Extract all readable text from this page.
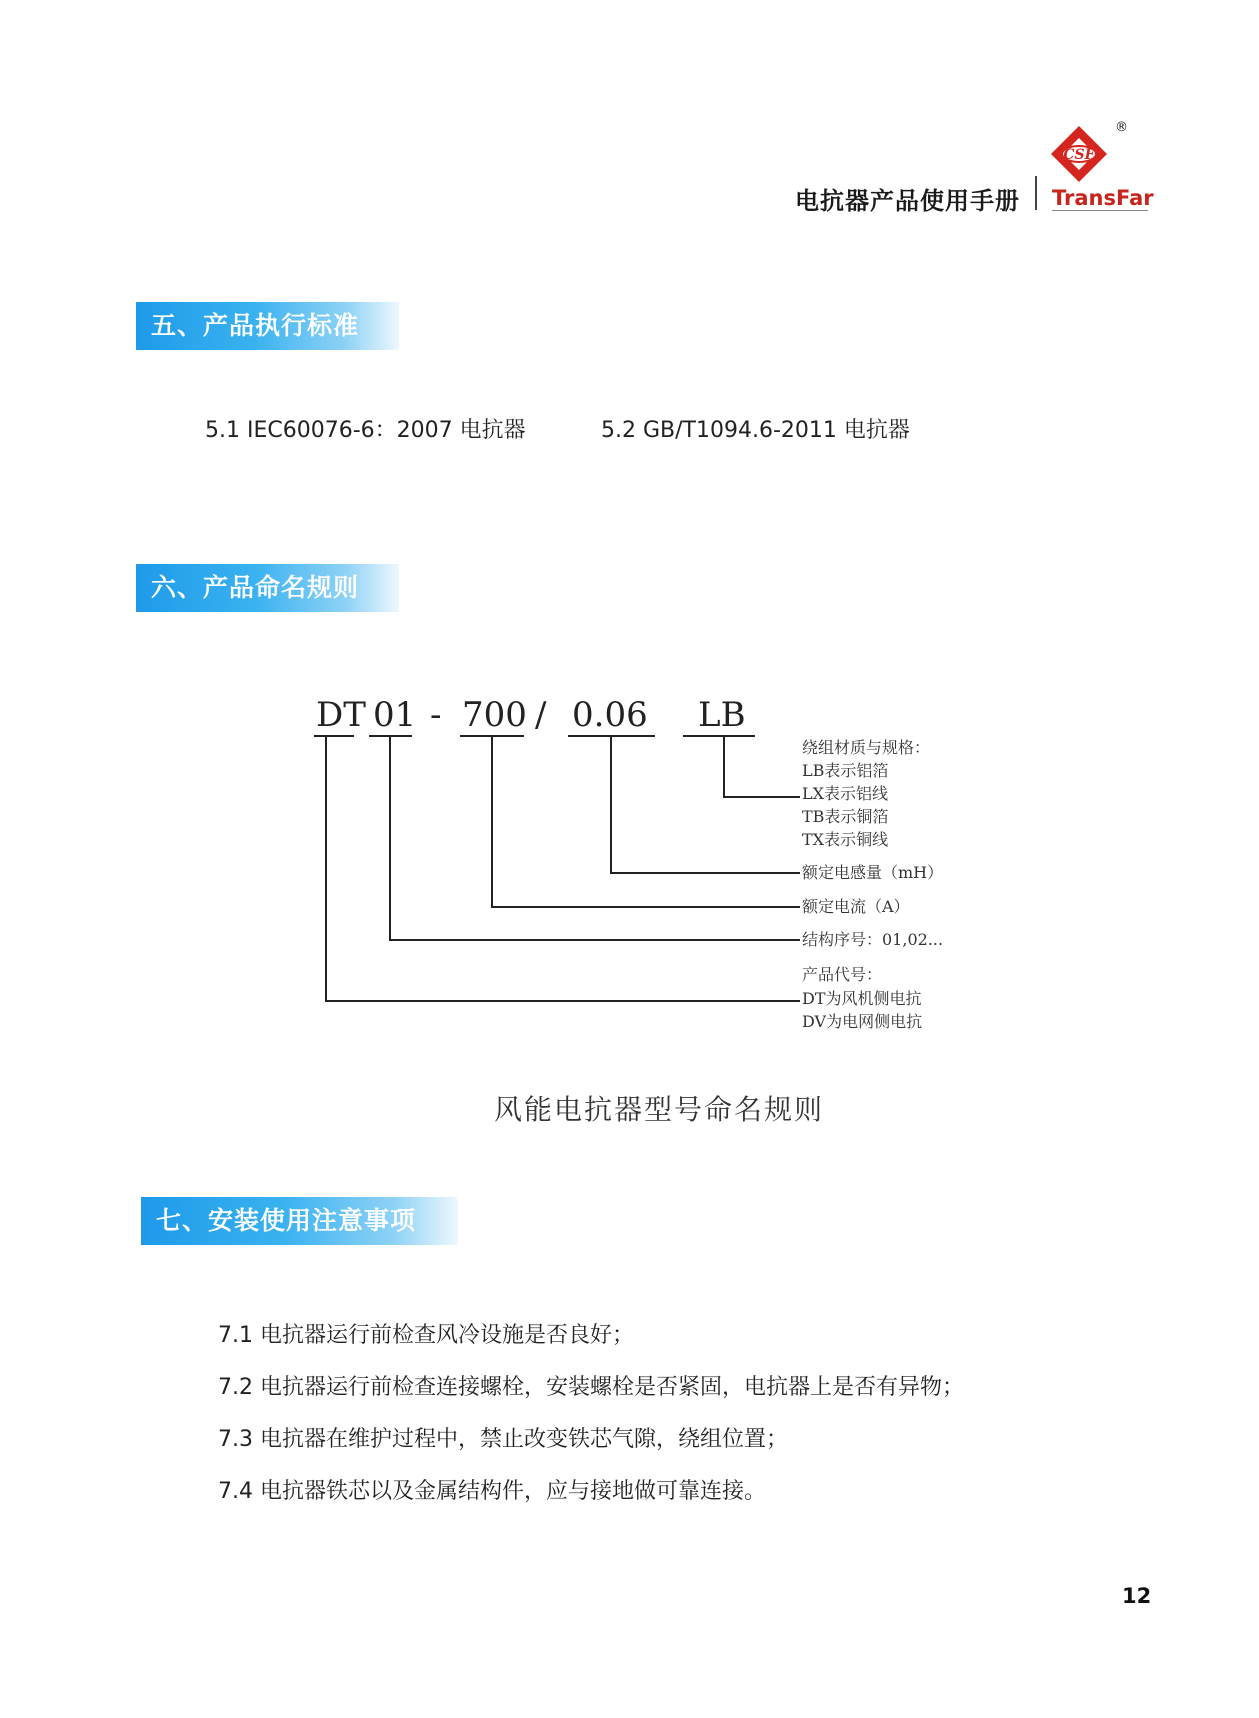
电抗器产品使用手册
CSF
®
TransFar
五、产品执行标准
5.1 IEC60076-6：2007 电抗器	5.2 GB/T1094.6-2011 电抗器
六、产品命名规则
DT 01 - 700 / 0.06 LB
绕组材质与规格：
LB表示铝箔
LX表示铝线
TB表示铜箔
TX表示铜线
额定电感量（mH）
额定电流（A）
结构序号：01,02...
产品代号：
DT为风机侧电抗
DV为电网侧电抗
风能电抗器型号命名规则
七、安装使用注意事项
7.1 电抗器运行前检查风冷设施是否良好；
7.2 电抗器运行前检查连接螺栓，安装螺栓是否紧固，电抗器上是否有异物；
7.3 电抗器在维护过程中，禁止改变铁芯气隙，绕组位置；
7.4 电抗器铁芯以及金属结构件，应与接地做可靠连接。
12
